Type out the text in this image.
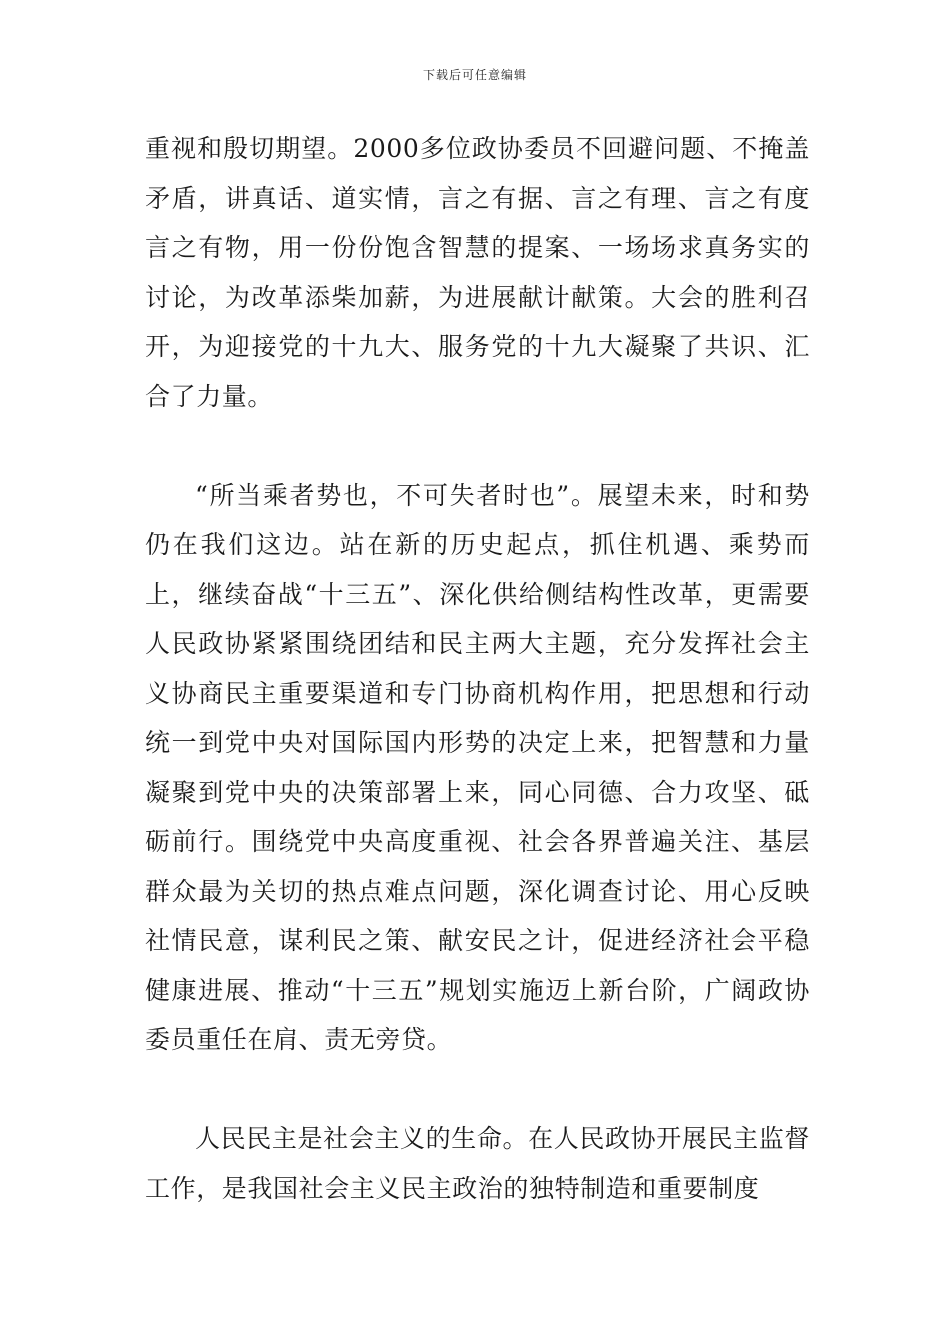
下载后可任意编辑

重视和殷切期望。2000多位政协委员不回避问题、不掩盖矛盾，讲真话、道实情，言之有据、言之有理、言之有度言之有物，用一份份饱含智慧的提案、一场场求真务实的讨论，为改革添柴加薪，为进展献计献策。大会的胜利召开，为迎接党的十九大、服务党的十九大凝聚了共识、汇合了力量。

“所当乘者势也，不可失者时也”。展望未来，时和势仍在我们这边。站在新的历史起点，抓住机遇、乘势而上，继续奋战“十三五”、深化供给侧结构性改革，更需要人民政协紧紧围绕团结和民主两大主题，充分发挥社会主义协商民主重要渠道和专门协商机构作用，把思想和行动统一到党中央对国际国内形势的决定上来，把智慧和力量凝聚到党中央的决策部署上来，同心同德、合力攻坚、砥砺前行。围绕党中央高度重视、社会各界普遍关注、基层群众最为关切的热点难点问题，深化调查讨论、用心反映社情民意，谋利民之策、献安民之计，促进经济社会平稳健康进展、推动“十三五”规划实施迈上新台阶，广阔政协委员重任在肩、责无旁贷。

人民民主是社会主义的生命。在人民政协开展民主监督工作，是我国社会主义民主政治的独特制造和重要制度
